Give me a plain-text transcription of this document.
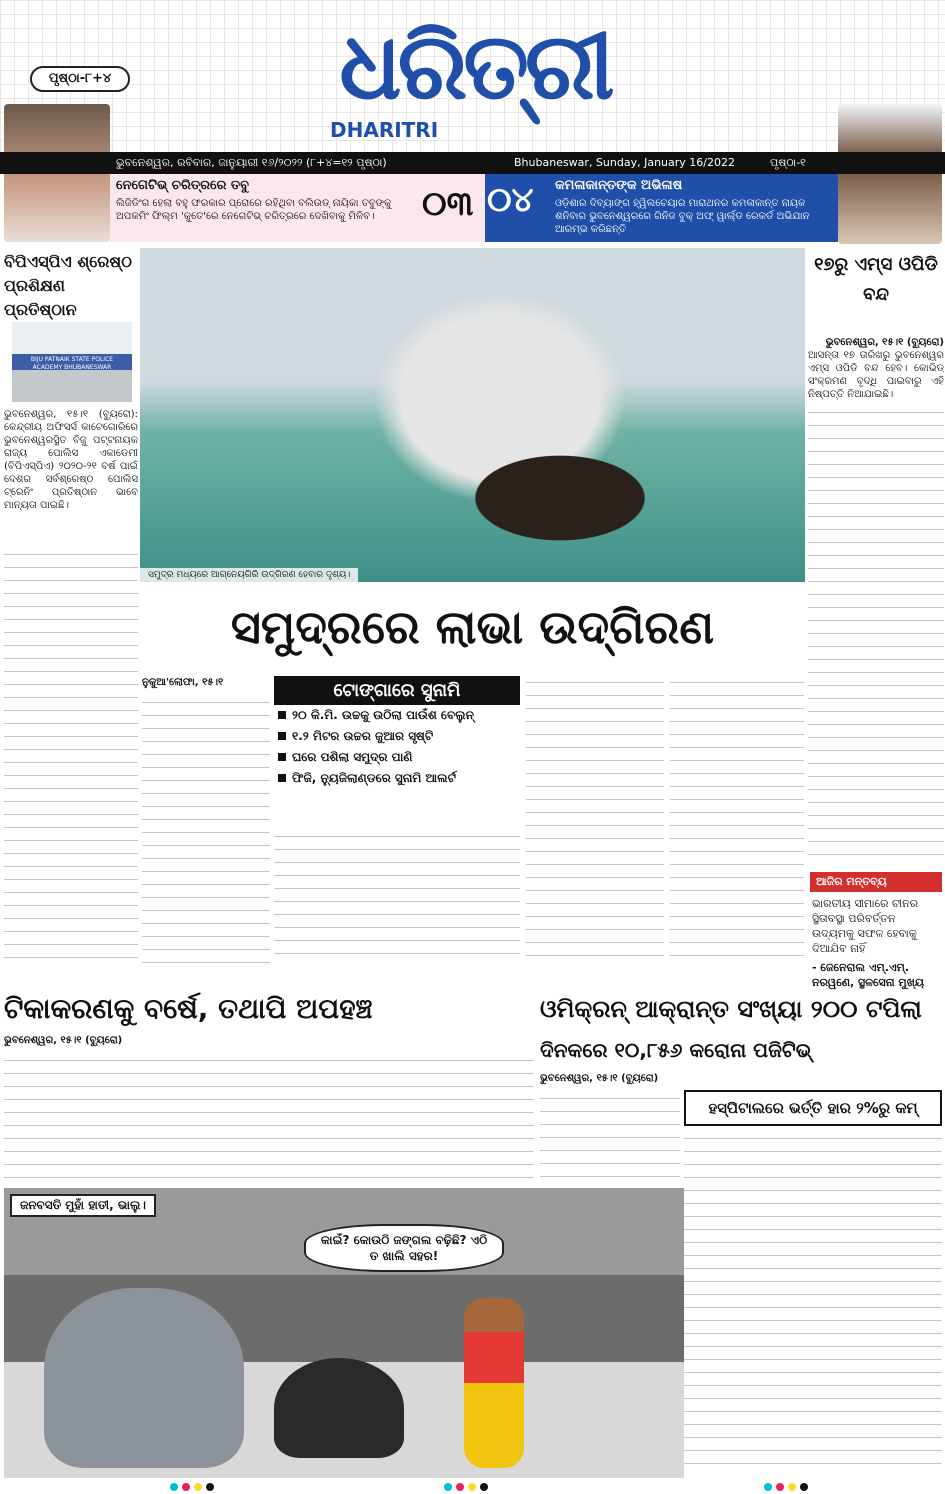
ଧରିତ୍ରୀ
DHARITRI
ପୃଷ୍ଠା-୮+୪
ଭୁବନେଶ୍ୱର, ରବିବାର, ଜାନୁୟାରୀ ୧୬/୨୦୨୨ (୮+୪=୧୨ ପୃଷ୍ଠା)	Bhubaneswar, Sunday, January 16/2022	ପୃଷ୍ଠା-୧
ନେଗେଟିଭ୍ ଚରିତ୍ରରେ ତବୁ
ଲିଜିଡିଂଗ ହେଲା ବହୁ ଫରକାର ପ୍ରୋରେ ରହିଥିବା ବଲିଉଡ୍ ନାୟିକା ତବୁଙ୍କୁ ଅପକମିଂ ଫିଲ୍ମ 'କୁତେ'ରେ ନେଗେଟିଭ୍ ଚରିତ୍ରରେ ଦେଖିବାକୁ ମିଳିବ।	୦୩ ୦୪	କମଳାକାନ୍ତଙ୍କ ଅଭିଳାଷ
ଓଡ଼ିଶାର ଦିବ୍ୟାଙ୍ଗ ହ୍ୱିଲଚେୟାର ମାରାଥନର କମଳାକାନ୍ତ ନାୟକ ଶନିବାର ଭୁବନେଶ୍ୱରରେ ଗିନିଜ ବୁକ୍ ଅଫ୍ ୱାର୍ଲ୍ଡ ରେକର୍ଡ ଅଭିଯାନ ଆରମ୍ଭ କରିଛନ୍ତି
ବିପିଏସ୍‌ପିଏ ଶ୍ରେଷ୍ଠ ପ୍ରଶିକ୍ଷଣ ପ୍ରତିଷ୍ଠାନ
BIJU PATNAIK STATE POLICE ACADEMY BHUBANESWAR
ଭୁବନେଶ୍ୱର, ୧୫।୧ (ବ୍ୟୁରୋ): କେନ୍ଦ୍ରୀୟ ଅଫିସର୍ସ କାଟେଗୋରିରେ ଭୁବନେଶ୍ୱରସ୍ଥିତ ବିଜୁ ପଟ୍ଟନାୟକ ରାଜ୍ୟ ପୋଲିସ ଏକାଡେମୀ (ବିପିଏସ୍‌ପିଏ) ୨୦୨୦-୨୧ ବର୍ଷ ପାଇଁ ଦେଶର ସର୍ବଶ୍ରେଷ୍ଠ ପୋଲିସ ଟ୍ରେନିଂ ପ୍ରତିଷ୍ଠାନ ଭାବେ ମାନ୍ୟତା ପାଇଛି।
ସମୁଦ୍ର ମଧ୍ୟରେ ଆଗ୍ନେୟଗିରି ଉଦ୍‌ଗିରଣ ହେବାର ଦୃଶ୍ୟ।
୧୭ରୁ ଏମ୍ସ ଓପିଡି ବନ୍ଦ
ଭୁବନେଶ୍ୱର, ୧୫।୧ (ବ୍ୟୁରୋ)
ଆସନ୍ତା ୧୭ ତାରିଖରୁ ଭୁବନେଶ୍ୱର ଏମ୍ସ ଓପିଡି ବନ୍ଦ ହେବ। କୋଭିଡ୍ ସଂକ୍ରମଣ ବୃଦ୍ଧି ପାଇବାରୁ ଏହି ନିଷ୍ପତ୍ତି ନିଆଯାଇଛି।
ସମୁଦ୍ରରେ ଲାଭା ଉଦ୍‌ଗିରଣ
ନୁକୁଆ'ଲୋଫା, ୧୫।୧	ଟୋଙ୍ଗାରେ ସୁନାମି
୨୦ କି.ମି. ଉଚ୍ଚକୁ ଉଠିଲା ପାଉଁଶ ବେଲୁନ୍
୧.୨ ମିଟର ଉଚ୍ଚର ଜୁଆର ସୃଷ୍ଟି
ଘରେ ପଶିଲା ସମୁଦ୍ର ପାଣି
ଫିଜି, ନ୍ୟୁଜିଲାଣ୍ଡରେ ସୁନାମି ଆଲର୍ଟ
ଆଜିର ମନ୍ତବ୍ୟ
ଭାରତୀୟ ସୀମାରେ ଚୀନର ସ୍ଥିତାବସ୍ଥା ପରିବର୍ତ୍ତନ ଉଦ୍ୟମକୁ ସଫଳ ହେବାକୁ ଦିଆଯିବ ନାହିଁ
- ଜେନେରାଲ ଏମ୍.ଏମ୍. ନରୱଣେ, ସ୍ଥଳସେନା ମୁଖ୍ୟ
ଟିକାକରଣକୁ ବର୍ଷେ, ତଥାପି ଅପହଞ୍ଚ
ଭୁବନେଶ୍ୱର, ୧୫।୧ (ବ୍ୟୁରୋ)
ଓମିକ୍ରନ୍ ଆକ୍ରାନ୍ତ ସଂଖ୍ୟା ୨୦୦ ଟପିଲା
ଦିନକରେ ୧୦,୮୫୬ କରୋନା ପଜିଟିଭ୍
ଭୁବନେଶ୍ୱର, ୧୫।୧ (ବ୍ୟୁରୋ)
ହସ୍ପିଟାଲରେ ଭର୍ତ୍ତି ହାର ୨%ରୁ କମ୍
ଜନବସତି ମୁହାଁ ହାତୀ, ଭାଲୁ।
କାଇଁ? କୋଉଠି ଜଙ୍ଗଲ ବଢ଼ିଛି? ଏଠି ତ ଖାଲି ସହର!
